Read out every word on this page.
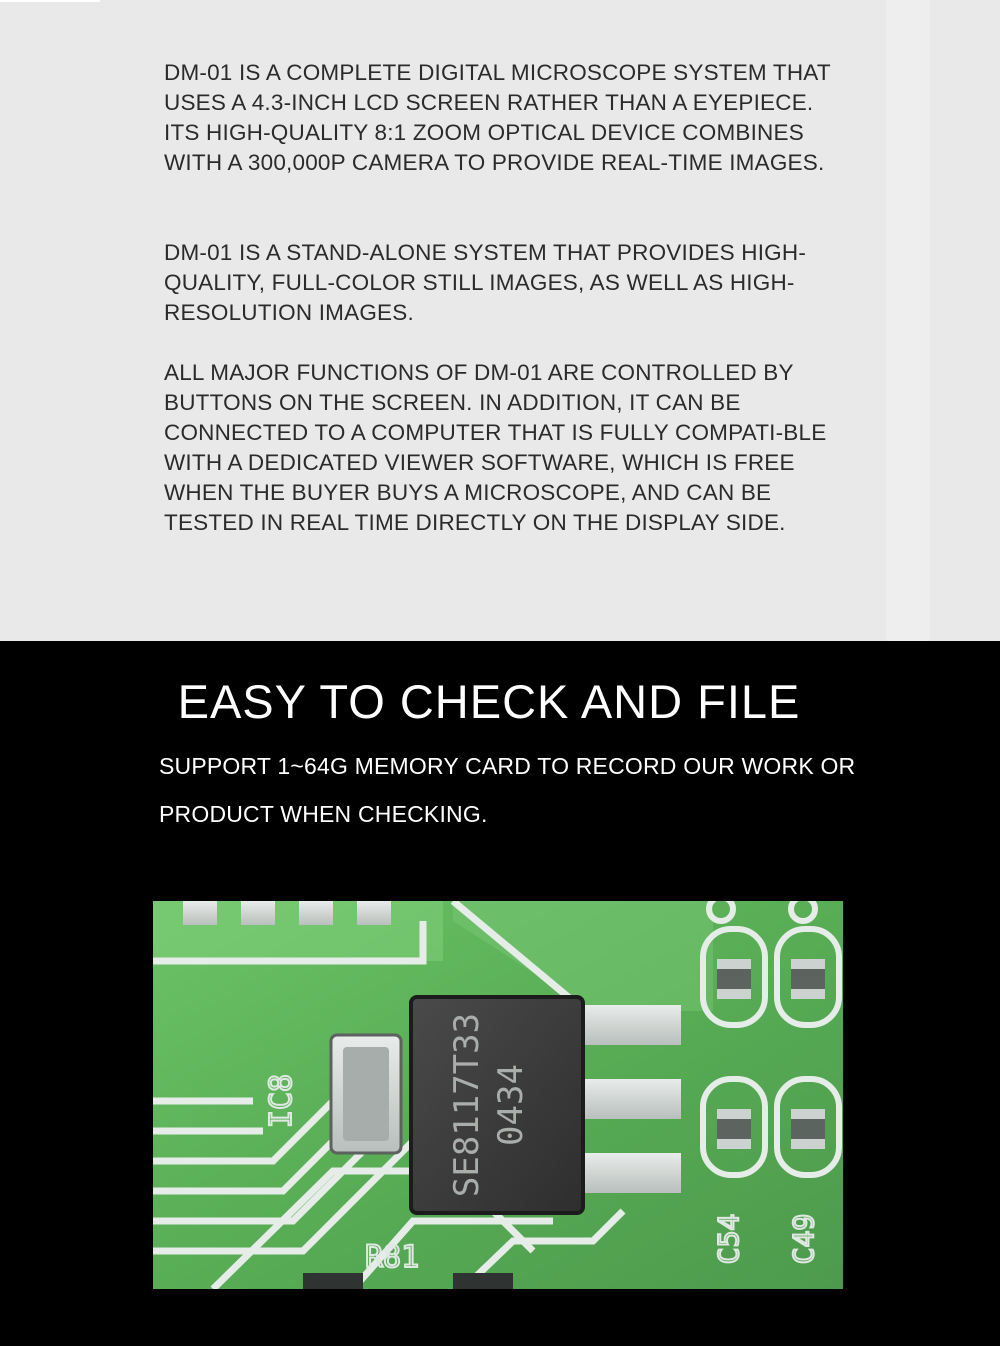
DM-01 IS A COMPLETE DIGITAL MICROSCOPE SYSTEM THAT USES A 4.3-INCH LCD SCREEN RATHER THAN A EYEPIECE. ITS HIGH-QUALITY 8:1 ZOOM OPTICAL DEVICE COMBINES WITH A 300,000P CAMERA TO PROVIDE REAL-TIME IMAGES.

DM-01 IS A STAND-ALONE SYSTEM THAT PROVIDES HIGH-QUALITY, FULL-COLOR STILL IMAGES, AS WELL AS HIGH-RESOLUTION IMAGES.

ALL MAJOR FUNCTIONS OF DM-01 ARE CONTROLLED BY BUTTONS ON THE SCREEN. IN ADDITION, IT CAN BE CONNECTED TO A COMPUTER THAT IS FULLY COMPATI-BLE WITH A DEDICATED VIEWER SOFTWARE, WHICH IS FREE WHEN THE BUYER BUYS A MICROSCOPE, AND CAN BE TESTED IN REAL TIME DIRECTLY ON THE DISPLAY SIDE.

EASY TO CHECK AND FILE

SUPPORT 1~64G MEMORY CARD TO RECORD OUR WORK OR PRODUCT WHEN CHECKING.

SE8117T33 0434
IC8
R81	C54 C49
